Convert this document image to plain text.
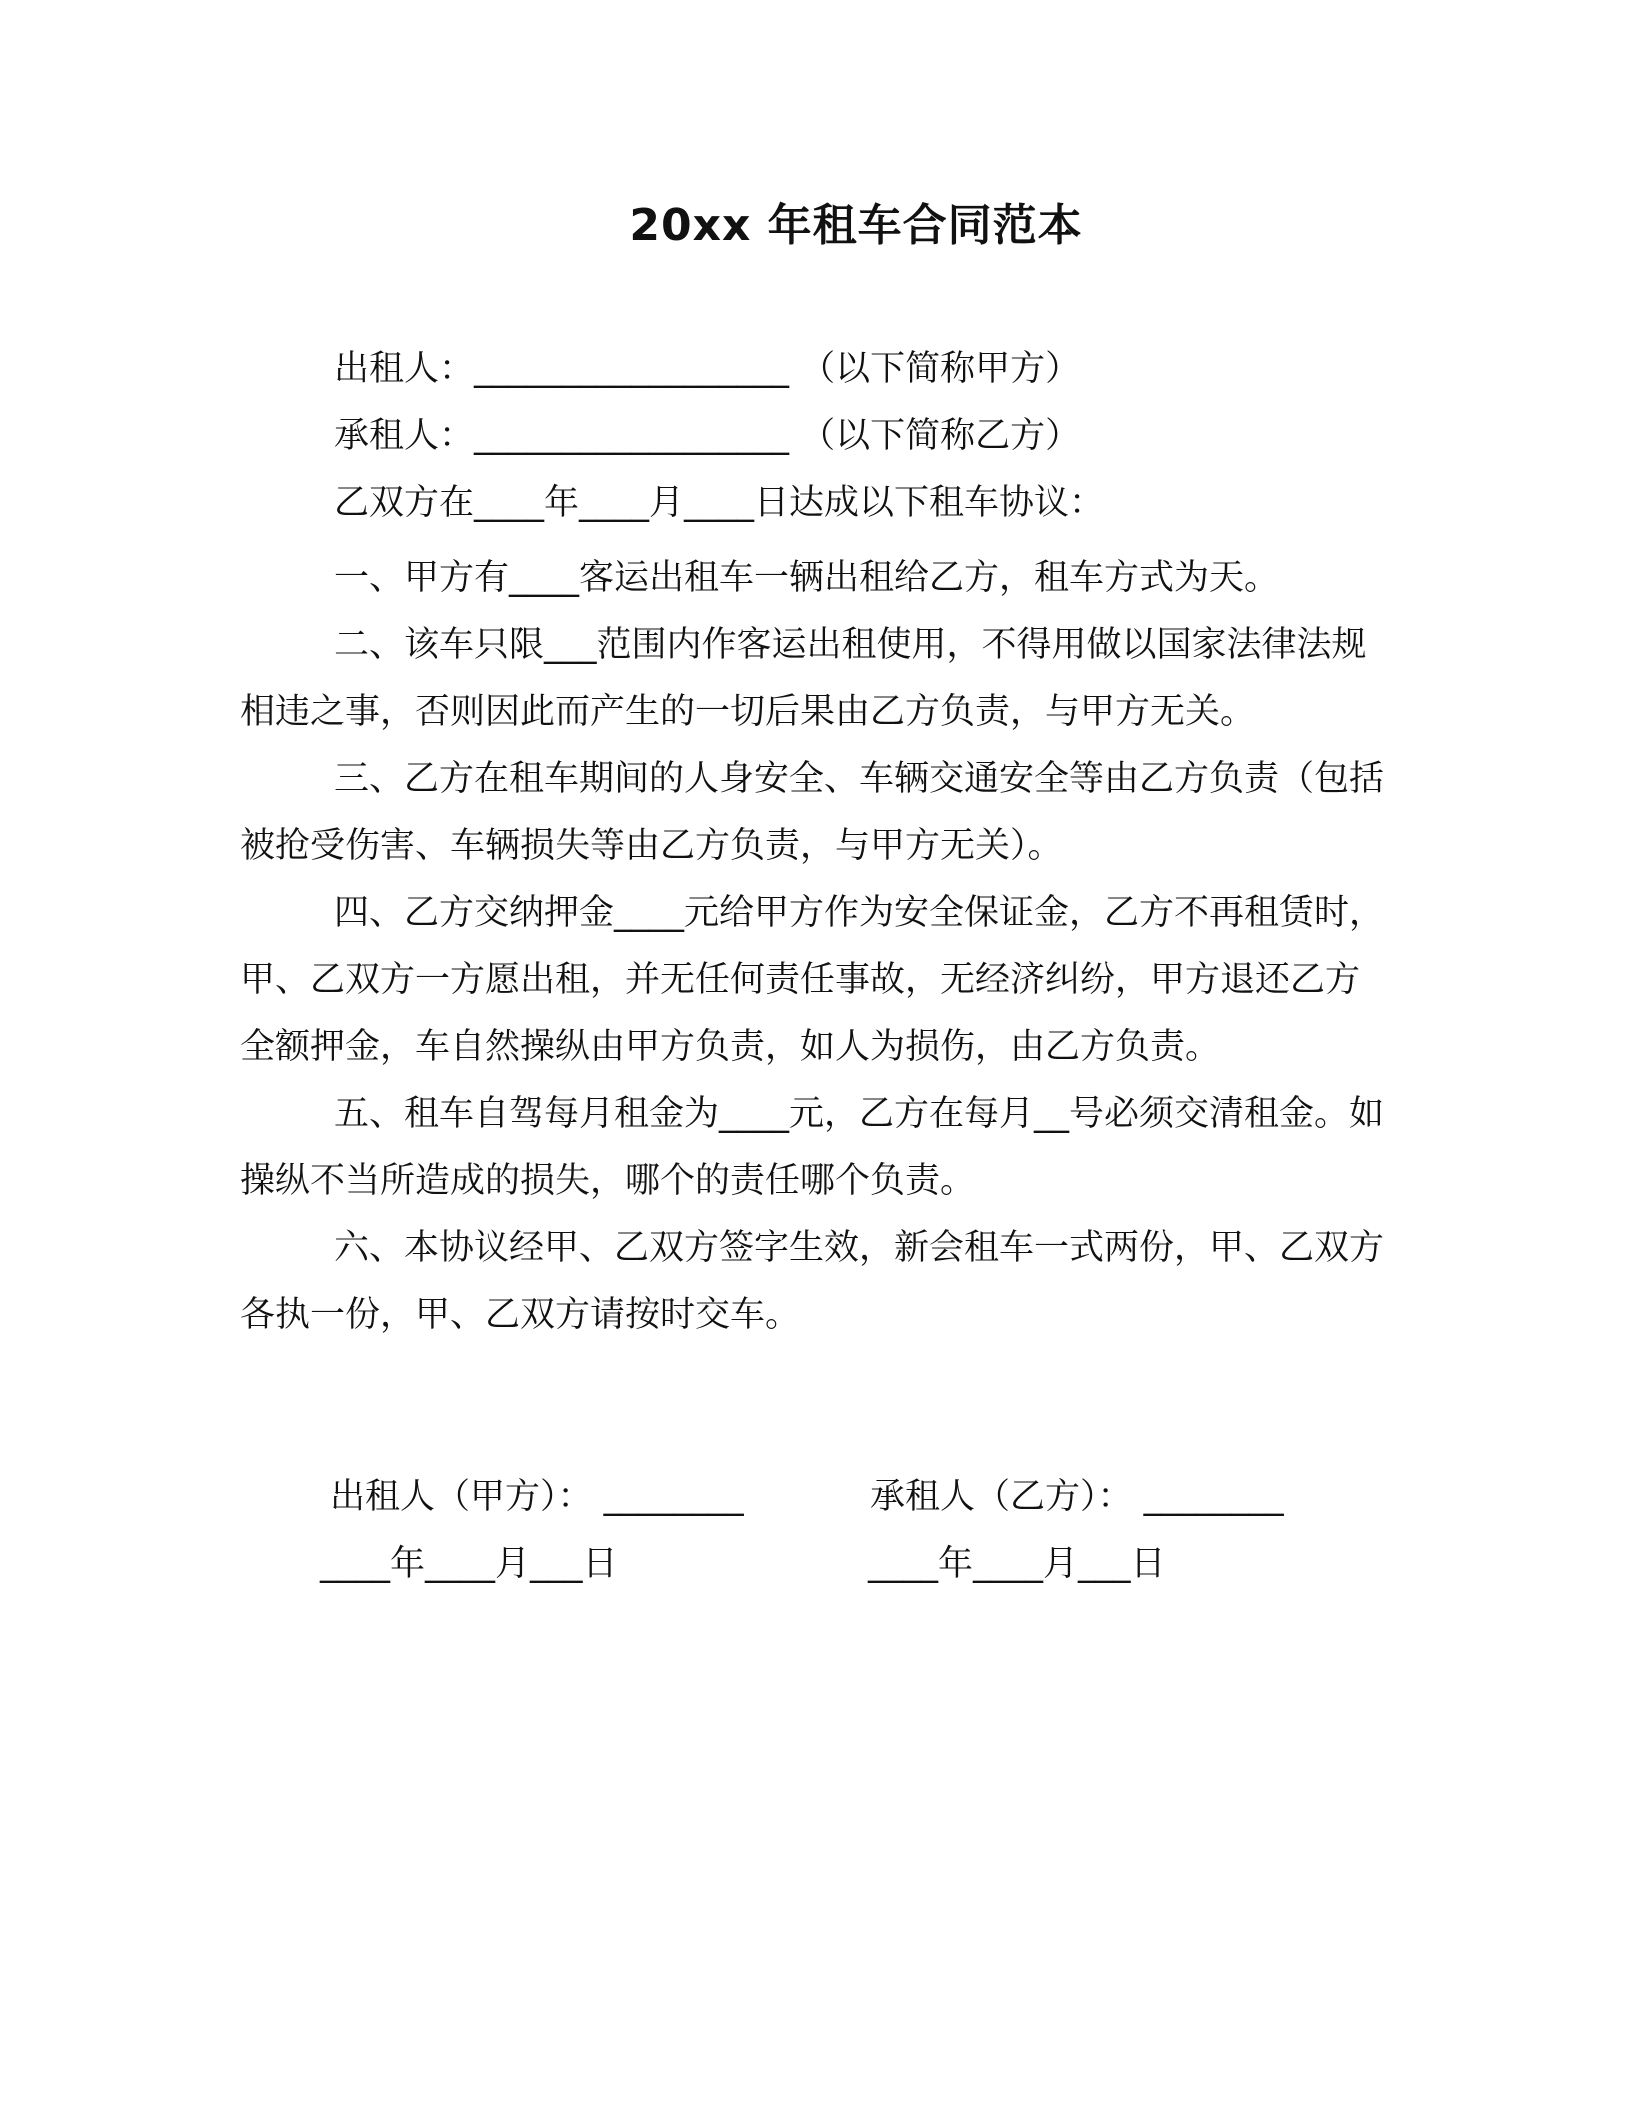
20xx 年租车合同范本

出租人：__________________ （以下简称甲方）

承租人：__________________ （以下简称乙方）

乙双方在____年____月____日达成以下租车协议：

一、甲方有____客运出租车一辆出租给乙方，租车方式为天。

二、该车只限___范围内作客运出租使用，不得用做以国家法律法规相违之事，否则因此而产生的一切后果由乙方负责，与甲方无关。

三、乙方在租车期间的人身安全、车辆交通安全等由乙方负责（包括被抢受伤害、车辆损失等由乙方负责，与甲方无关）。

四、乙方交纳押金____元给甲方作为安全保证金，乙方不再租赁时，甲、乙双方一方愿出租，并无任何责任事故，无经济纠纷，甲方退还乙方全额押金，车自然操纵由甲方负责，如人为损伤，由乙方负责。

五、租车自驾每月租金为____元，乙方在每月__号必须交清租金。如操纵不当所造成的损失，哪个的责任哪个负责。

六、本协议经甲、乙双方签字生效，新会租车一式两份，甲、乙双方各执一份，甲、乙双方请按时交车。

出租人（甲方）： ________	承租人（乙方）： ________
____年____月___日	____年____月___日
